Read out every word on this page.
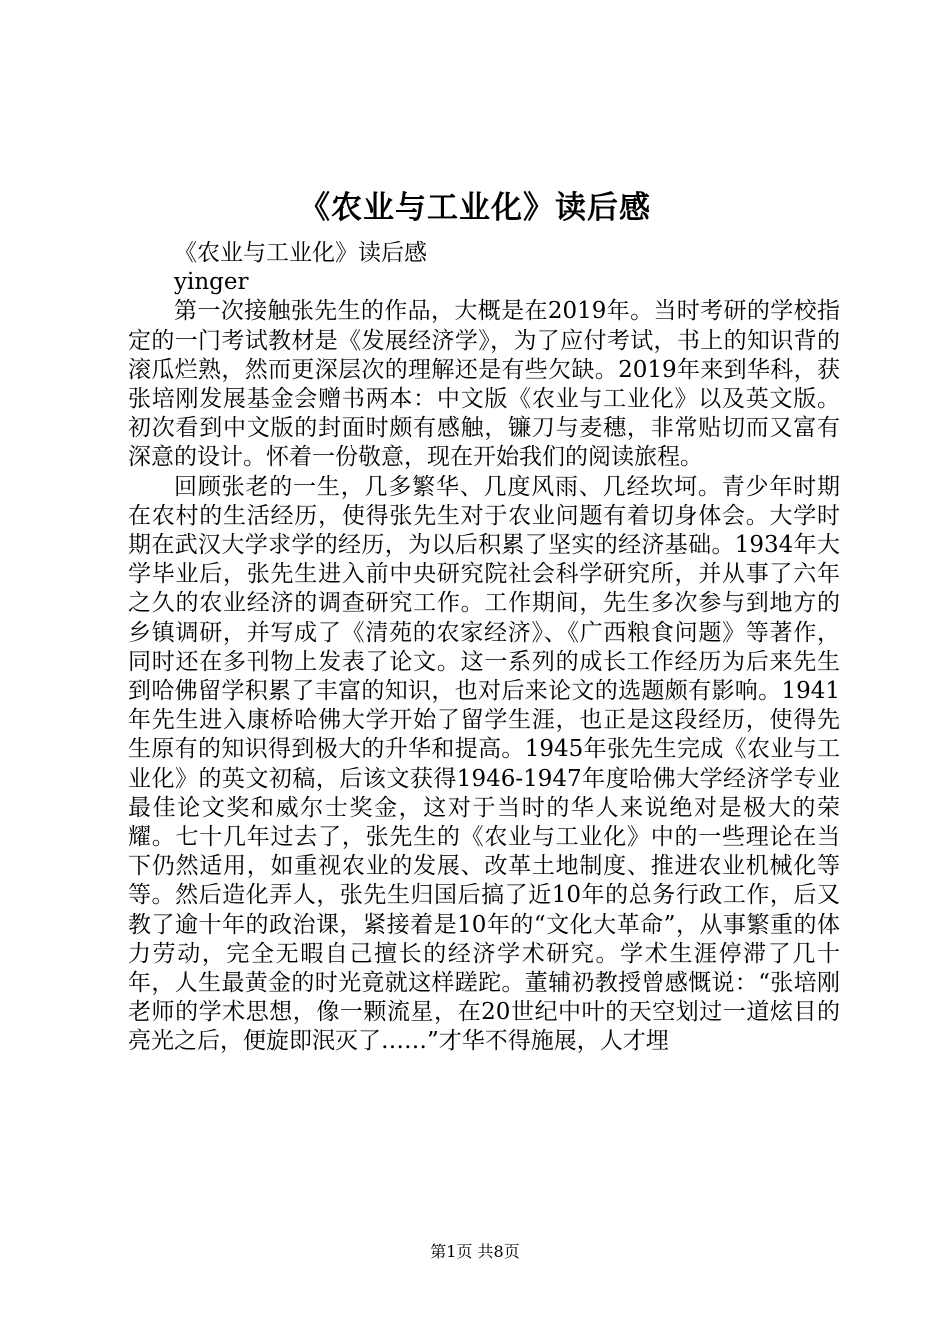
《农业与工业化》读后感

《农业与工业化》读后感

yinger

第一次接触张先生的作品，大概是在2019年。当时考研的学校指定的一门考试教材是《发展经济学》，为了应付考试，书上的知识背的滚瓜烂熟，然而更深层次的理解还是有些欠缺。2019年来到华科，获张培刚发展基金会赠书两本：中文版《农业与工业化》以及英文版。初次看到中文版的封面时颇有感触，镰刀与麦穗，非常贴切而又富有深意的设计。怀着一份敬意，现在开始我们的阅读旅程。

回顾张老的一生，几多繁华、几度风雨、几经坎坷。青少年时期在农村的生活经历，使得张先生对于农业问题有着切身体会。大学时期在武汉大学求学的经历，为以后积累了坚实的经济基础。1934年大学毕业后，张先生进入前中央研究院社会科学研究所，并从事了六年之久的农业经济的调查研究工作。工作期间，先生多次参与到地方的乡镇调研，并写成了《清苑的农家经济》、《广西粮食问题》等著作，同时还在多刊物上发表了论文。这一系列的成长工作经历为后来先生到哈佛留学积累了丰富的知识，也对后来论文的选题颇有影响。1941年先生进入康桥哈佛大学开始了留学生涯，也正是这段经历，使得先生原有的知识得到极大的升华和提高。1945年张先生完成《农业与工业化》的英文初稿，后该文获得1946-1947年度哈佛大学经济学专业最佳论文奖和威尔士奖金，这对于当时的华人来说绝对是极大的荣耀。七十几年过去了，张先生的《农业与工业化》中的一些理论在当下仍然适用，如重视农业的发展、改革土地制度、推进农业机械化等等。然后造化弄人，张先生归国后搞了近10年的总务行政工作，后又教了逾十年的政治课，紧接着是10年的“文化大革命”，从事繁重的体力劳动，完全无暇自己擅长的经济学术研究。学术生涯停滞了几十年，人生最黄金的时光竟就这样蹉跎。董辅礽教授曾感慨说：“张培刚老师的学术思想，像一颗流星，在20世纪中叶的天空划过一道炫目的亮光之后，便旋即泯灭了……”才华不得施展，人才埋

第1页 共8页
